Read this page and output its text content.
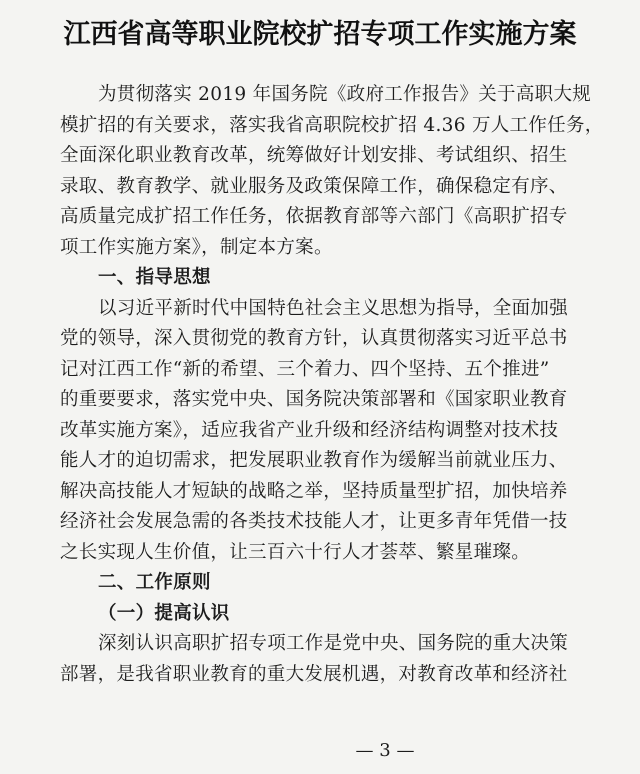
江西省高等职业院校扩招专项工作实施方案
为贯彻落实 2019 年国务院《政府工作报告》关于高职大规
模扩招的有关要求，落实我省高职院校扩招 4.36 万人工作任务，
全面深化职业教育改革，统筹做好计划安排、考试组织、招生
录取、教育教学、就业服务及政策保障工作，确保稳定有序、
高质量完成扩招工作任务，依据教育部等六部门《高职扩招专
项工作实施方案》，制定本方案。
一、指导思想
以习近平新时代中国特色社会主义思想为指导，全面加强
党的领导，深入贯彻党的教育方针，认真贯彻落实习近平总书
记对江西工作“新的希望、三个着力、四个坚持、五个推进”
的重要要求，落实党中央、国务院决策部署和《国家职业教育
改革实施方案》，适应我省产业升级和经济结构调整对技术技
能人才的迫切需求，把发展职业教育作为缓解当前就业压力、
解决高技能人才短缺的战略之举，坚持质量型扩招，加快培养
经济社会发展急需的各类技术技能人才，让更多青年凭借一技
之长实现人生价值，让三百六十行人才荟萃、繁星璀璨。
二、工作原则
（一）提高认识
深刻认识高职扩招专项工作是党中央、国务院的重大决策
部署，是我省职业教育的重大发展机遇，对教育改革和经济社
— 3 —
